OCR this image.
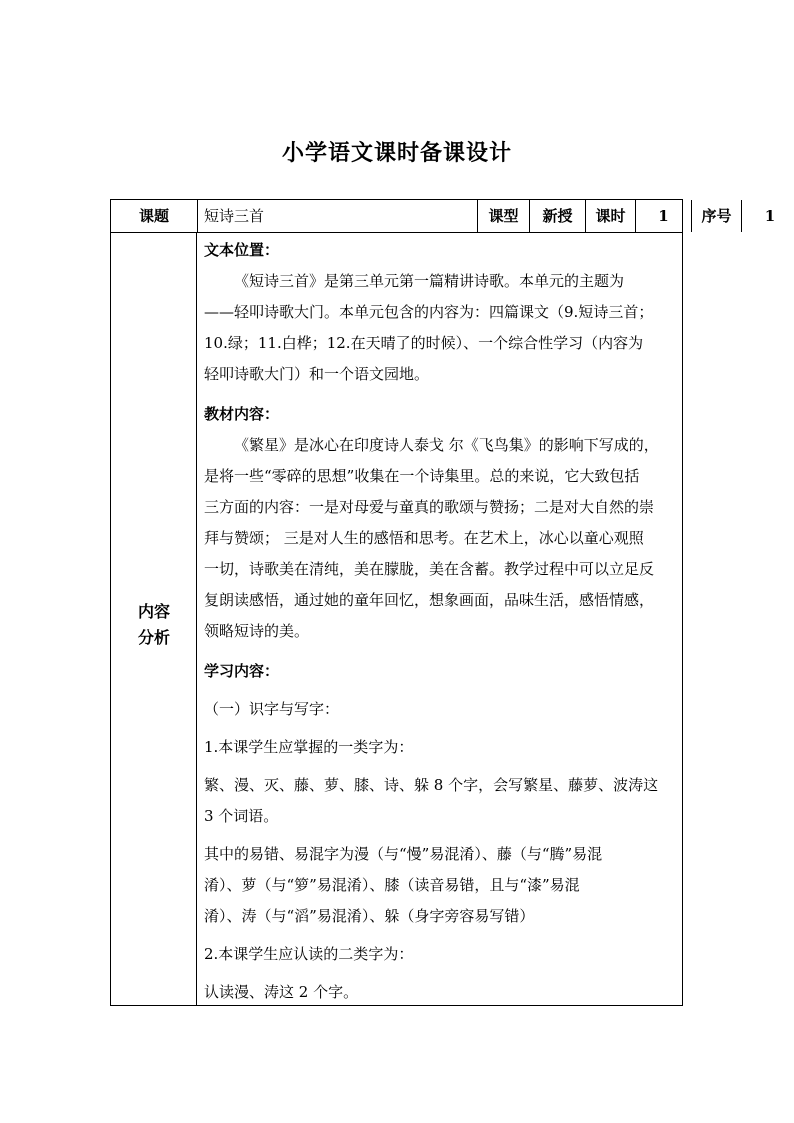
小学语文课时备课设计
课题	短诗三首	课型	新授	课时	1	序号	1
内容
分析

文本位置：

《短诗三首》是第三单元第一篇精讲诗歌。本单元的主题为

——轻叩诗歌大门。本单元包含的内容为：四篇课文（9.短诗三首；

10.绿；11.白桦；12.在天晴了的时候）、一个综合性学习（内容为

轻叩诗歌大门）和一个语文园地。

教材内容：

《繁星》是冰心在印度诗人泰戈 尔《飞鸟集》的影响下写成的，

是将一些“零碎的思想”收集在一个诗集里。总的来说，它大致包括

三方面的内容：一是对母爱与童真的歌颂与赞扬；二是对大自然的崇

拜与赞颂； 三是对人生的感悟和思考。在艺术上，冰心以童心观照

一切，诗歌美在清纯，美在朦胧，美在含蓄。教学过程中可以立足反

复朗读感悟，通过她的童年回忆，想象画面，品味生活，感悟情感，

领略短诗的美。

学习内容：

（一）识字与写字：

1.本课学生应掌握的一类字为：

繁、漫、灭、藤、萝、膝、诗、躲 8 个字，会写繁星、藤萝、波涛这

3 个词语。

其中的易错、易混字为漫（与“慢”易混淆）、藤（与“腾”易混

淆）、萝（与“箩”易混淆）、膝（读音易错，且与“漆”易混

淆）、涛（与“滔”易混淆）、躲（身字旁容易写错）

2.本课学生应认读的二类字为：

认读漫、涛这 2 个字。
